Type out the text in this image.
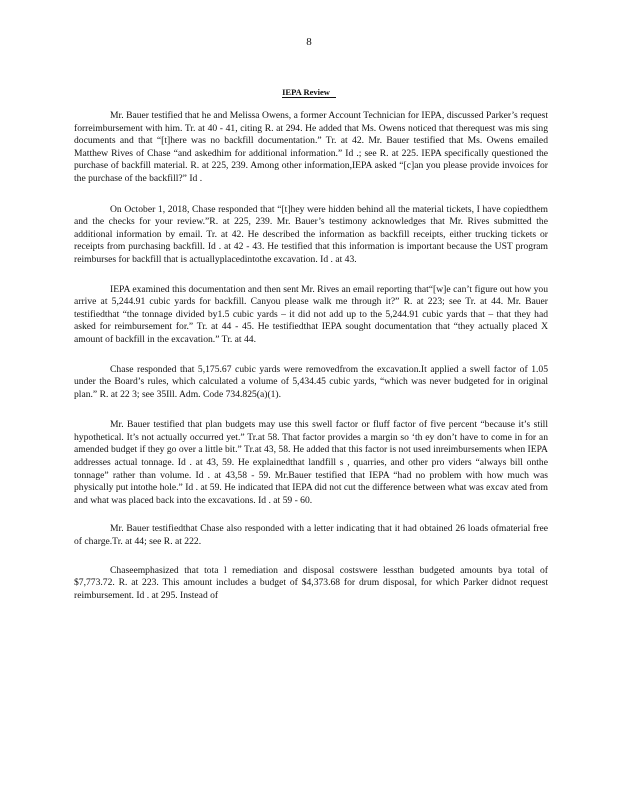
8
IEPA Review

Mr. Bauer testified that he and Melissa Owens, a former Account Technician for IEPA, discussed Parker’s request forreimbursement with him. Tr. at 40 - 41, citing R. at 294. He added that Ms. Owens noticed that therequest was mis sing documents and that “[t]here was no backfill documentation.” Tr. at 42. Mr. Bauer testified that Ms. Owens emailed Matthew Rives of Chase “and askedhim for additional information.” Id .; see R. at 225. IEPA specifically questioned the purchase of backfill material. R. at 225, 239. Among other information,IEPA asked “[c]an you please provide invoices for the purchase of the backfill?” Id .

On October 1, 2018, Chase responded that “[t]hey were hidden behind all the material tickets, I have copiedthem and the checks for your review.”R. at 225, 239. Mr. Bauer’s testimony acknowledges that Mr. Rives submitted the additional information by email. Tr. at 42. He described the information as backfill receipts, either trucking tickets or receipts from purchasing backfill. Id . at 42 - 43. He testified that this information is important because the UST program reimburses for backfill that is actuallyplacedintothe excavation. Id . at 43.

IEPA examined this documentation and then sent Mr. Rives an email reporting that“[w]e can’t figure out how you arrive at 5,244.91 cubic yards for backfill. Canyou please walk me through it?” R. at 223; see Tr. at 44. Mr. Bauer testifiedthat “the tonnage divided by1.5 cubic yards – it did not add up to the 5,244.91 cubic yards that – that they had asked for reimbursement for.” Tr. at 44 - 45. He testifiedthat IEPA sought documentation that “they actually placed X amount of backfill in the excavation.” Tr. at 44.

Chase responded that 5,175.67 cubic yards were removedfrom the excavation.It applied a swell factor of 1.05 under the Board’s rules, which calculated a volume of 5,434.45 cubic yards, “which was never budgeted for in original plan.” R. at 22 3; see 35Ill. Adm. Code 734.825(a)(1).

Mr. Bauer testified that plan budgets may use this swell factor or fluff factor of five percent “because it’s still hypothetical. It’s not actually occurred yet.” Tr.at 58. That factor provides a margin so ‘th ey don’t have to come in for an amended budget if they go over a little bit.” Tr.at 43, 58. He added that this factor is not used inreimbursements when IEPA addresses actual tonnage. Id . at 43, 59. He explainedthat landfill s , quarries, and other pro viders “always bill onthe tonnage” rather than volume. Id . at 43,58 - 59. Mr.Bauer testified that IEPA “had no problem with how much was physically put intothe hole.” Id . at 59. He indicated that IEPA did not cut the difference between what was excav ated from and what was placed back into the excavations. Id . at 59 - 60.

Mr. Bauer testifiedthat Chase also responded with a letter indicating that it had obtained 26 loads ofmaterial free of charge.Tr. at 44; see R. at 222.

Chaseemphasized that tota l remediation and disposal costswere lessthan budgeted amounts bya total of $7,773.72. R. at 223. This amount includes a budget of $4,373.68 for drum disposal, for which Parker didnot request reimbursement. Id . at 295. Instead of
